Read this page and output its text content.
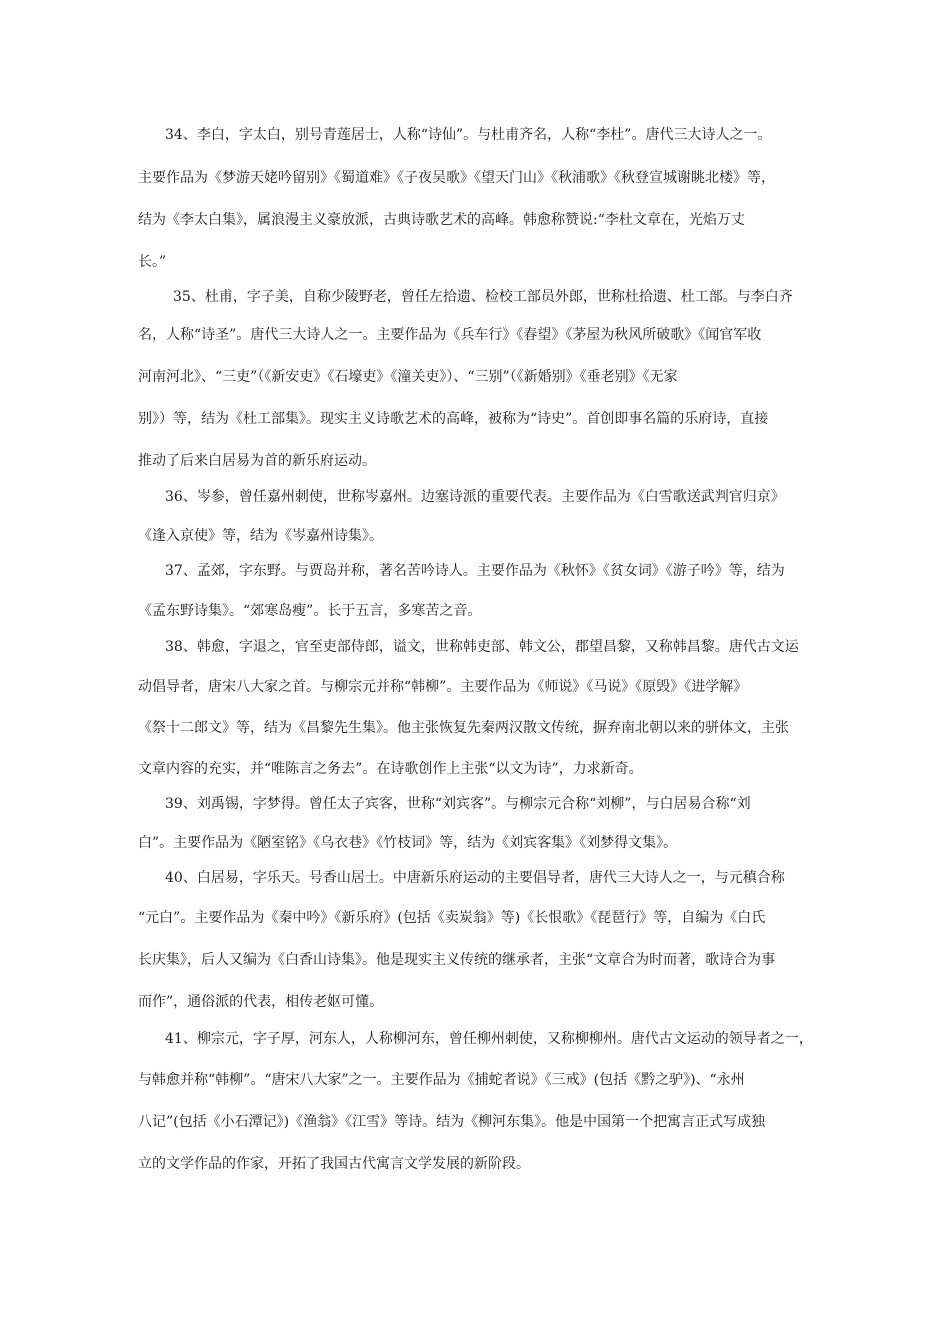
34、李白，字太白，别号青莲居士，人称“诗仙”。与杜甫齐名，人称“李杜”。唐代三大诗人之一。
主要作品为《梦游天姥吟留别》《蜀道难》《子夜吴歌》《望天门山》《秋浦歌》《秋登宣城谢眺北楼》等，
结为《李太白集》，属浪漫主义豪放派，古典诗歌艺术的高峰。韩愈称赞说:“李杜文章在，光焰万丈
长。”
35、杜甫，字子美，自称少陵野老，曾任左拾遗、检校工部员外郎，世称杜拾遗、杜工部。与李白齐
名，人称“诗圣”。唐代三大诗人之一。主要作品为《兵车行》《春望》《茅屋为秋风所破歌》《闻官军收
河南河北》、“三吏”（《新安吏》《石壕吏》《潼关吏》）、“三别”（《新婚别》《垂老别》《无家
别》）等，结为《杜工部集》。现实主义诗歌艺术的高峰，被称为“诗史”。首创即事名篇的乐府诗，直接
推动了后来白居易为首的新乐府运动。
36、岑参，曾任嘉州刺使，世称岑嘉州。边塞诗派的重要代表。主要作品为《白雪歌送武判官归京》
《逢入京使》等，结为《岑嘉州诗集》。
37、孟郊，字东野。与贾岛并称，著名苦吟诗人。主要作品为《秋怀》《贫女词》《游子吟》等，结为
《孟东野诗集》。“郊寒岛瘦”。长于五言，多寒苦之音。
38、韩愈，字退之，官至吏部侍郎，谥文，世称韩吏部、韩文公，郡望昌黎，又称韩昌黎。唐代古文运
动倡导者，唐宋八大家之首。与柳宗元并称“韩柳”。主要作品为《师说》《马说》《原毁》《进学解》
《祭十二郎文》等，结为《昌黎先生集》。他主张恢复先秦两汉散文传统，摒弃南北朝以来的骈体文，主张
文章内容的充实，并“唯陈言之务去”。在诗歌创作上主张“以文为诗”，力求新奇。
39、刘禹锡，字梦得。曾任太子宾客，世称“刘宾客”。与柳宗元合称“刘柳”，与白居易合称“刘
白”。主要作品为《陋室铭》《乌衣巷》《竹枝词》等，结为《刘宾客集》《刘梦得文集》。
40、白居易，字乐天。号香山居士。中唐新乐府运动的主要倡导者，唐代三大诗人之一，与元稹合称
“元白”。主要作品为《秦中吟》《新乐府》(包括《卖炭翁》等)《长恨歌》《琵琶行》等，自编为《白氏
长庆集》，后人又编为《白香山诗集》。他是现实主义传统的继承者，主张“文章合为时而著，歌诗合为事
而作”，通俗派的代表，相传老妪可懂。
41、柳宗元，字子厚，河东人，人称柳河东，曾任柳州刺使，又称柳柳州。唐代古文运动的领导者之一，
与韩愈并称“韩柳”。“唐宋八大家”之一。主要作品为《捕蛇者说》《三戒》(包括《黔之驴》)、“永州
八记”(包括《小石潭记》)《渔翁》《江雪》等诗。结为《柳河东集》。他是中国第一个把寓言正式写成独
立的文学作品的作家，开拓了我国古代寓言文学发展的新阶段。
